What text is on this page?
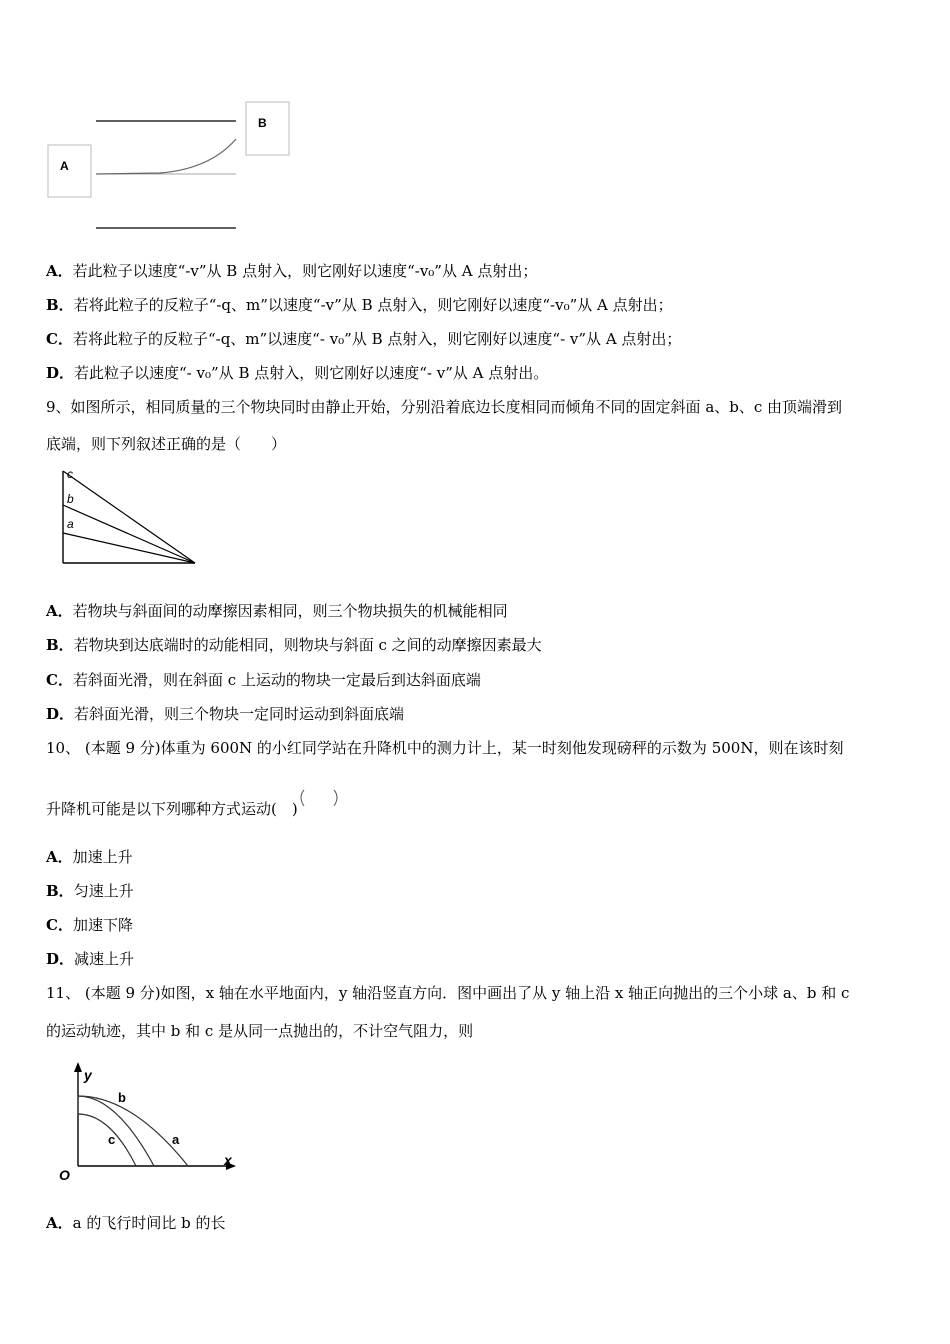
A
B
A．若此粒子以速度“-v”从 B 点射入，则它刚好以速度“-v₀”从 A 点射出；
B．若将此粒子的反粒子“-q、m”以速度“-v”从 B 点射入，则它刚好以速度“-v₀”从 A 点射出；
C．若将此粒子的反粒子“-q、m”以速度“- v₀”从 B 点射入，则它刚好以速度“- v”从 A 点射出；
D．若此粒子以速度“- v₀”从 B 点射入，则它刚好以速度“- v”从 A 点射出。
9、如图所示，相同质量的三个物块同时由静止开始，分别沿着底边长度相同而倾角不同的固定斜面 a、b、c 由顶端滑到
底端，则下列叙述正确的是（　　）
c
b
a
A．若物块与斜面间的动摩擦因素相同，则三个物块损失的机械能相同
B．若物块到达底端时的动能相同，则物块与斜面 c 之间的动摩擦因素最大
C．若斜面光滑，则在斜面 c 上运动的物块一定最后到达斜面底端
D．若斜面光滑，则三个物块一定同时运动到斜面底端
10、 (本题 9 分)体重为 600N 的小红同学站在升降机中的测力计上，某一时刻他发现磅秤的示数为 500N，则在该时刻
升降机可能是以下列哪种方式运动(　)
A．加速上升
B．匀速上升
C．加速下降
D．减速上升
11、 (本题 9 分)如图，x 轴在水平地面内，y 轴沿竖直方向．图中画出了从 y 轴上沿 x 轴正向抛出的三个小球 a、b 和 c
的运动轨迹，其中 b 和 c 是从同一点抛出的，不计空气阻力，则
y
x
O
b
c	a
A．a 的飞行时间比 b 的长
